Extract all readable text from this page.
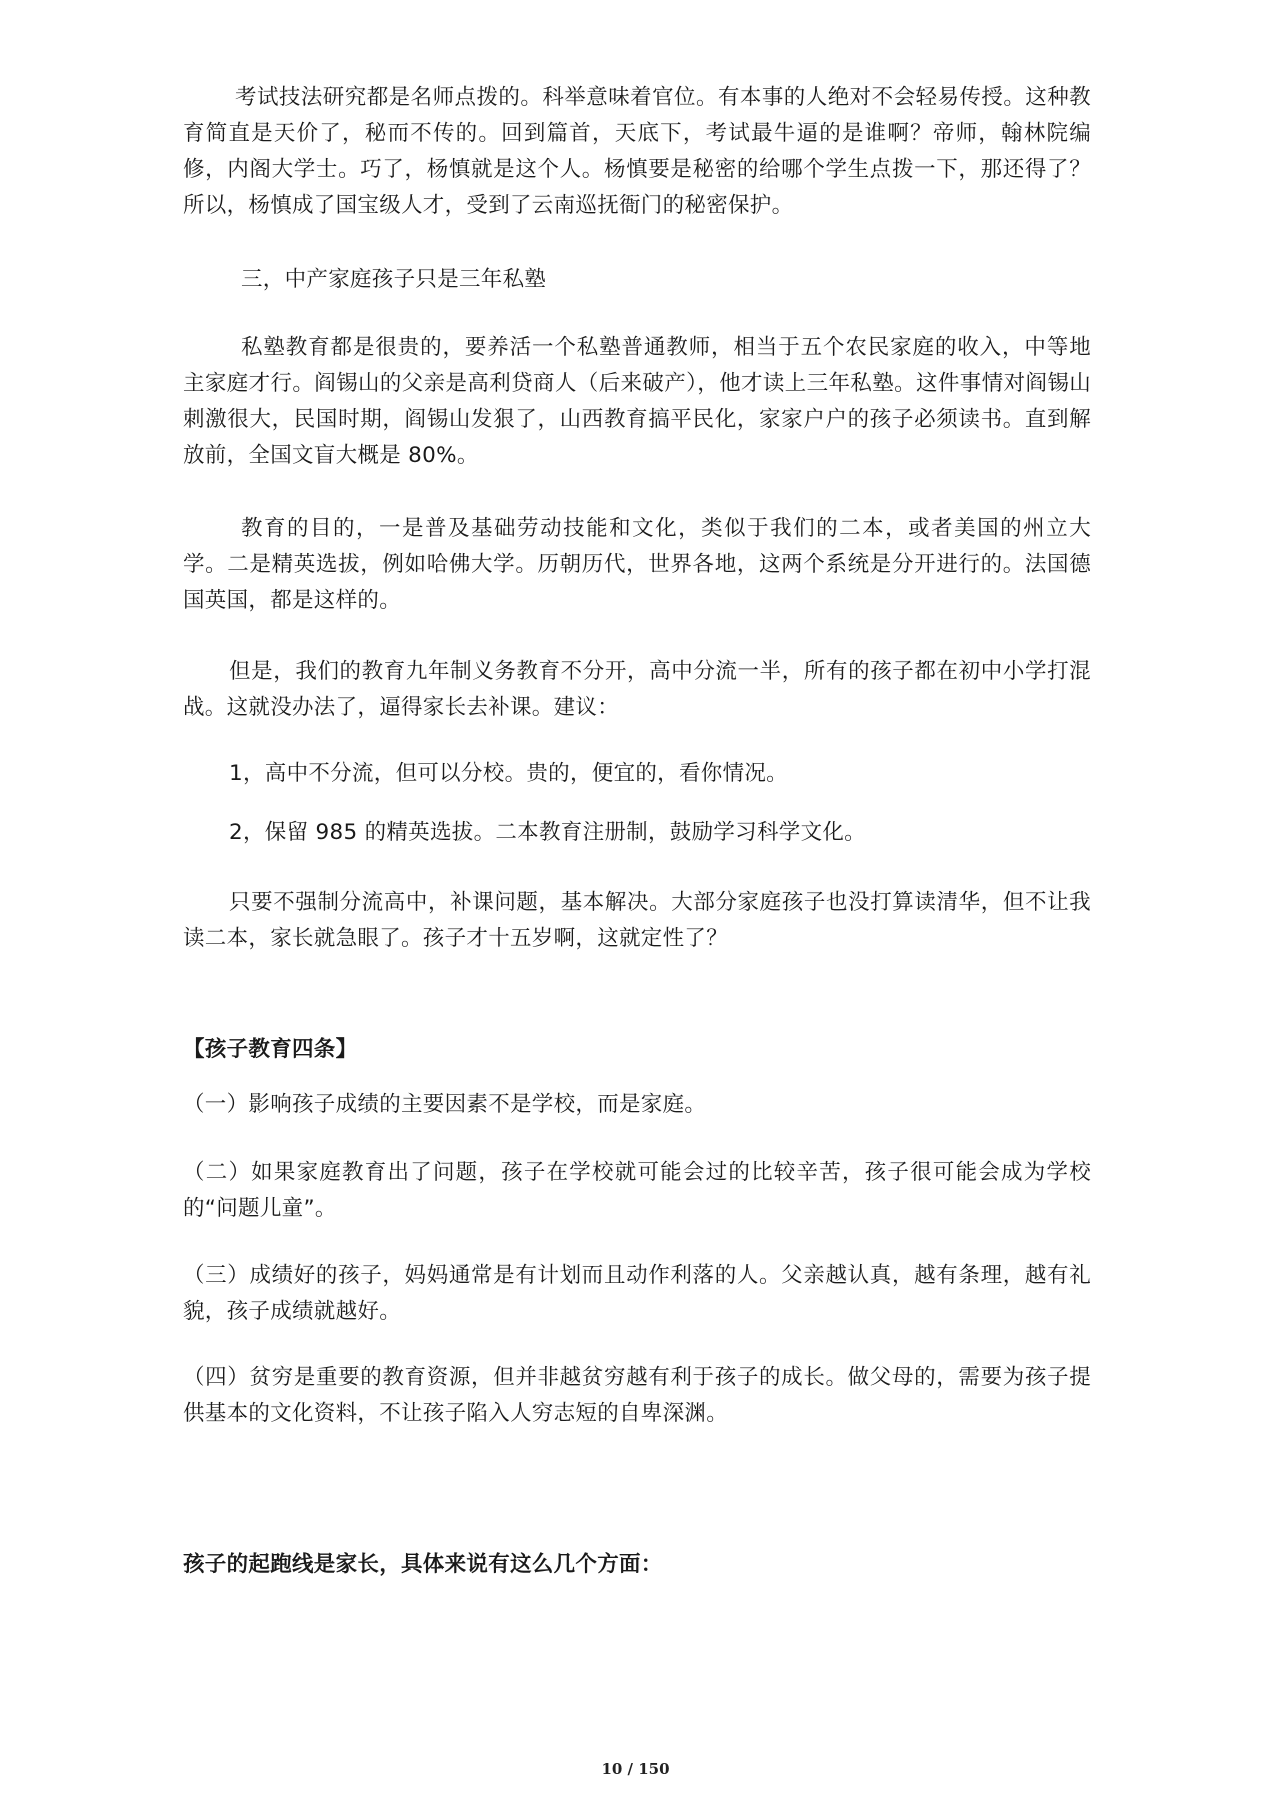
考试技法研究都是名师点拨的。科举意味着官位。有本事的人绝对不会轻易传授。这种教育简直是天价了，秘而不传的。回到篇首，天底下，考试最牛逼的是谁啊？帝师，翰林院编修，内阁大学士。巧了，杨慎就是这个人。杨慎要是秘密的给哪个学生点拨一下，那还得了？所以，杨慎成了国宝级人才，受到了云南巡抚衙门的秘密保护。

三，中产家庭孩子只是三年私塾

私塾教育都是很贵的，要养活一个私塾普通教师，相当于五个农民家庭的收入，中等地主家庭才行。阎锡山的父亲是高利贷商人（后来破产），他才读上三年私塾。这件事情对阎锡山刺激很大，民国时期，阎锡山发狠了，山西教育搞平民化，家家户户的孩子必须读书。直到解放前，全国文盲大概是 80%。

教育的目的，一是普及基础劳动技能和文化，类似于我们的二本，或者美国的州立大学。二是精英选拔，例如哈佛大学。历朝历代，世界各地，这两个系统是分开进行的。法国德国英国，都是这样的。

但是，我们的教育九年制义务教育不分开，高中分流一半，所有的孩子都在初中小学打混战。这就没办法了，逼得家长去补课。建议：

1，高中不分流，但可以分校。贵的，便宜的，看你情况。

2，保留 985 的精英选拔。二本教育注册制，鼓励学习科学文化。

只要不强制分流高中，补课问题，基本解决。大部分家庭孩子也没打算读清华，但不让我读二本，家长就急眼了。孩子才十五岁啊，这就定性了？

【孩子教育四条】

（一）影响孩子成绩的主要因素不是学校，而是家庭。

（二）如果家庭教育出了问题，孩子在学校就可能会过的比较辛苦，孩子很可能会成为学校的“问题儿童”。

（三）成绩好的孩子，妈妈通常是有计划而且动作利落的人。父亲越认真，越有条理，越有礼貌，孩子成绩就越好。

（四）贫穷是重要的教育资源，但并非越贫穷越有利于孩子的成长。做父母的，需要为孩子提供基本的文化资料，不让孩子陷入人穷志短的自卑深渊。

孩子的起跑线是家长，具体来说有这么几个方面：

10 / 150
